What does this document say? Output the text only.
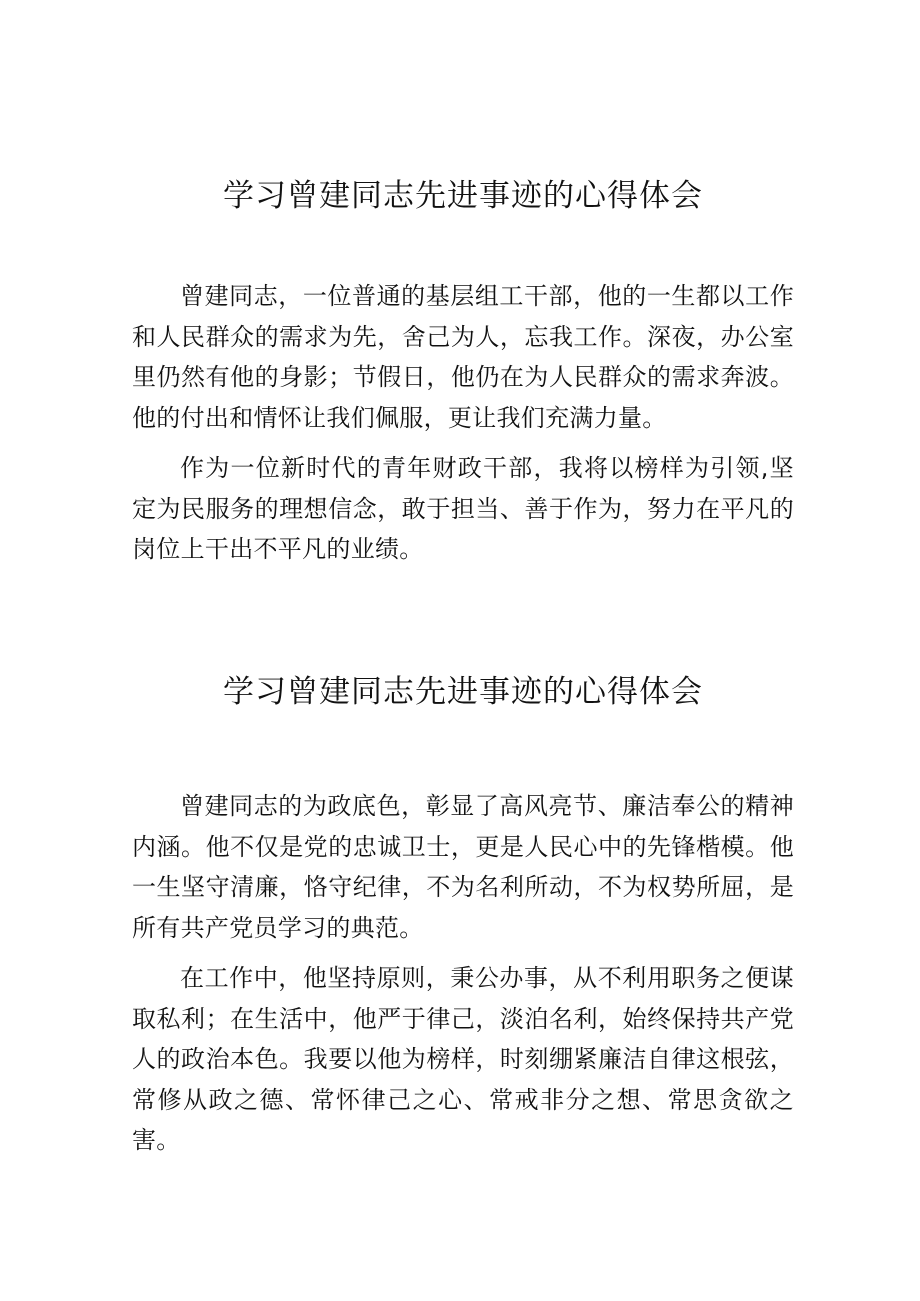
学习曾建同志先进事迹的心得体会

曾建同志，一位普通的基层组工干部，他的一生都以工作和人民群众的需求为先，舍己为人，忘我工作。深夜，办公室里仍然有他的身影；节假日，他仍在为人民群众的需求奔波。他的付出和情怀让我们佩服，更让我们充满力量。

作为一位新时代的青年财政干部，我将以榜样为引领,坚定为民服务的理想信念，敢于担当、善于作为，努力在平凡的岗位上干出不平凡的业绩。

学习曾建同志先进事迹的心得体会

曾建同志的为政底色，彰显了高风亮节、廉洁奉公的精神内涵。他不仅是党的忠诚卫士，更是人民心中的先锋楷模。他一生坚守清廉，恪守纪律，不为名利所动，不为权势所屈，是所有共产党员学习的典范。

在工作中，他坚持原则，秉公办事，从不利用职务之便谋取私利；在生活中，他严于律己，淡泊名利，始终保持共产党人的政治本色。我要以他为榜样，时刻绷紧廉洁自律这根弦，常修从政之德、常怀律己之心、常戒非分之想、常思贪欲之害。
